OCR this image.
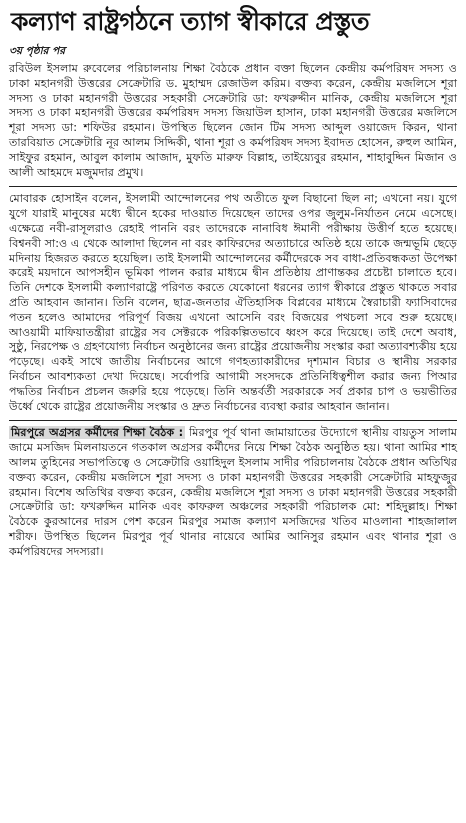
কল্যাণ রাষ্ট্রগঠনে ত্যাগ স্বীকারে প্রস্তুত
৩য় পৃষ্ঠার পর

রবিউল ইসলাম রুবেলের পরিচালনায় শিক্ষা বৈঠকে প্রধান বক্তা ছিলেন কেন্দ্রীয় কর্মপরিষদ সদস্য ও ঢাকা মহানগরী উত্তরের সেক্রেটারি ড. মুহাম্মদ রেজাউল করিম। বক্তব্য করেন, কেন্দ্রীয় মজলিসে শূরা সদস্য ও ঢাকা মহানগরী উত্তরের সহকারী সেক্রেটারি ডা: ফখরুদ্দীন মানিক, কেন্দ্রীয় মজলিসে শূরা সদস্য ও ঢাকা মহানগরী উত্তরের কর্মপরিষদ সদস্য জিয়াউল হাসান, ঢাকা মহানগরী উত্তরের মজলিসে শূরা সদস্য ডা: শফিউর রহমান। উপস্থিত ছিলেন জোন টিম সদস্য আব্দুল ওয়াজেদ কিরন, থানা তারবিয়াত সেক্রেটারি নূর আলম সিদ্দিকী, থানা শূরা ও কর্মপরিষদ সদস্য ইবাদত হোসেন, রুহুল আমিন, সাইফুর রহমান, আবুল কালাম আজাদ, মুফতি মারুফ বিল্লাহ, তাইয়্যেবুর রহমান, শাহাবুদ্দিন মিজান ও আলী আহমদে মজুমদার প্রমুখ।

মোবারক হোসাইন বলেন, ইসলামী আন্দোলনের পথ অতীতে ফুল বিছানো ছিল না; এখনো নয়। যুগে যুগে যারাই মানুষের মধ্যে দ্বীনে হকের দাওয়াত দিয়েছেন তাদের ওপর জুলুম-নির্যাতন নেমে এসেছে। এক্ষেত্রে নবী-রাসূলরাও রেহাই পাননি বরং তাদেরকে নানাবিধ ঈমানী পরীক্ষায় উত্তীর্ণ হতে হয়েছে। বিশ্বনবী সা:ও এ থেকে আলাদা ছিলেন না বরং কাফিরদের অত্যাচারে অতিষ্ঠ হয়ে তাকে জন্মভূমি ছেড়ে মদিনায় হিজরত করতে হয়েছিল। তাই ইসলামী আন্দোলনের কর্মীদেরকে সব বাধা-প্রতিবন্ধকতা উপেক্ষা করেই ময়দানে আপসহীন ভূমিকা পালন করার মাধ্যমে দ্বীন প্রতিষ্ঠায় প্রাণান্তকর প্রচেষ্টা চালাতে হবে। তিনি দেশকে ইসলামী কল্যাণরাষ্ট্রে পরিণত করতে যেকোনো ধরনের ত্যাগ স্বীকারে প্রস্তুত থাকতে সবার প্রতি আহবান জানান। তিনি বলেন, ছাত্র-জনতার ঐতিহাসিক বিপ্লবের মাধ্যমে স্বৈরাচারী ফ্যাসিবাদের পতন হলেও আমাদের পরিপূর্ণ বিজয় এখনো আসেনি বরং বিজয়ের পথচলা সবে শুরু হয়েছে। আওয়ামী মাফিয়াতন্ত্রীরা রাষ্ট্রের সব সেক্টরকে পরিকল্পিতভাবে ধ্বংস করে দিয়েছে। তাই দেশে অবাধ, সুষ্ঠু, নিরপেক্ষ ও গ্রহণযোগ্য নির্বাচন অনুষ্ঠানের জন্য রাষ্ট্রের প্রয়োজনীয় সংস্কার করা অত্যাবশ্যকীয় হয়ে পড়েছে। একই সাথে জাতীয় নির্বাচনের আগে গণহত্যাকারীদের দৃশ্যমান বিচার ও স্থানীয় সরকার নির্বাচন আবশ্যকতা দেখা দিয়েছে। সর্বোপরি আগামী সংসদকে প্রতিনিধিত্বশীল করার জন্য পিআর পদ্ধতির নির্বাচন প্রচলন জরুরি হয়ে পড়েছে। তিনি অন্তর্বর্তী সরকারকে সর্ব প্রকার চাপ ও ভয়ভীতির উর্ধ্বে থেকে রাষ্ট্রের প্রয়োজনীয় সংস্কার ও দ্রুত নির্বাচনের ব্যবস্থা করার আহবান জানান।

মিরপুরে অগ্রসর কর্মীদের শিক্ষা বৈঠক : মিরপুর পূর্ব থানা জামায়াতের উদ্যোগে স্থানীয় বায়তুস সালাম জামে মসজিদ মিলনায়তনে গতকাল অগ্রসর কর্মীদের নিয়ে শিক্ষা বৈঠক অনুষ্ঠিত হয়। থানা আমির শাহ আলম তুহিনের সভাপতিত্বে ও সেক্রেটারি ওয়াহিদুল ইসলাম সাদীর পরিচালনায় বৈঠকে প্রধান অতিথির বক্তব্য করেন, কেন্দ্রীয় মজলিসে শূরা সদস্য ও ঢাকা মহানগরী উত্তরের সহকারী সেক্রেটারি মাহফুজুর রহমান। বিশেষ অতিথির বক্তব্য করেন, কেন্দ্রীয় মজলিসে শূরা সদস্য ও ঢাকা মহানগরী উত্তরের সহকারী সেক্রেটারি ডা: ফখরুদ্দিন মানিক এবং কাফরুল অঞ্চলের সহকারী পরিচালক মো: শহিদুল্লাহ। শিক্ষা বৈঠকে কুরআনের দারস পেশ করেন মিরপুর সমাজ কল্যাণ মসজিদের খতিব মাওলানা শাহজালাল শরীফ। উপস্থিত ছিলেন মিরপুর পূর্ব থানার নায়েবে আমির আনিসুর রহমান এবং থানার শূরা ও কর্মপরিষদের সদস্যরা।
